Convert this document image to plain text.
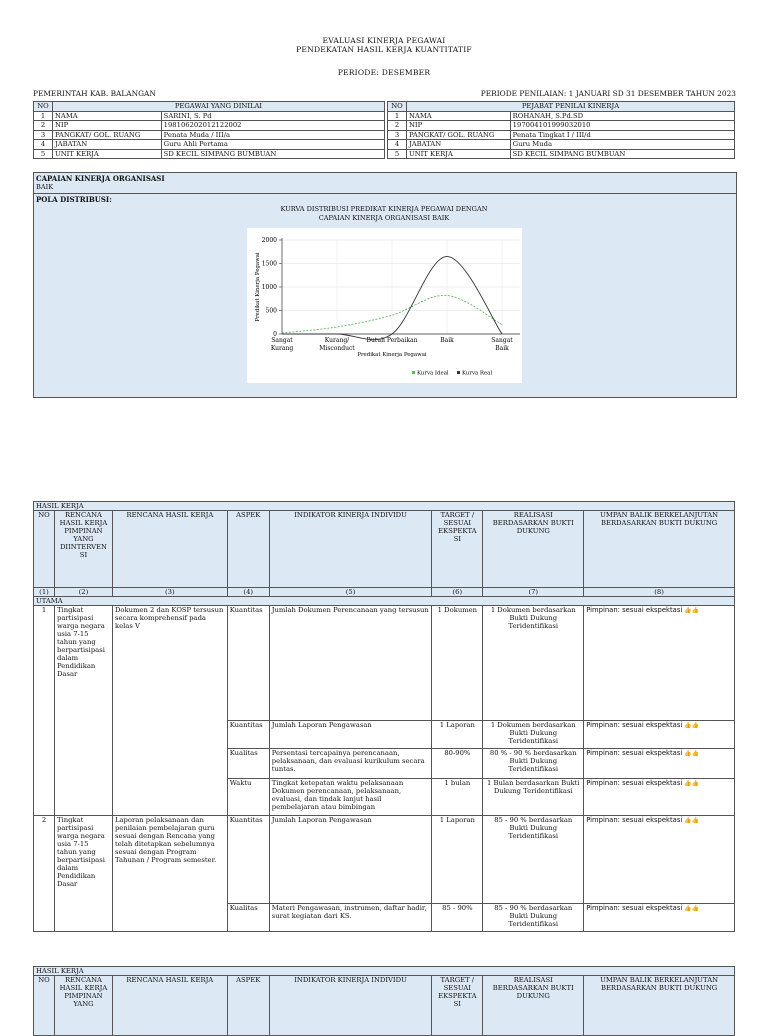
EVALUASI KINERJA PEGAWAI
PENDEKATAN HASIL KERJA KUANTITATIF
PERIODE: DESEMBER
PEMERINTAH KAB. BALANGAN	PERIODE PENILAIAN: 1 JANUARI SD 31 DESEMBER TAHUN 2023
NO	PEGAWAI YANG DINILAI	
1	NAMA	SARINI, S. Pd
2	NIP	198106202012122002
3	PANGKAT/ GOL. RUANG	Penata Muda / III/a
4	JABATAN	Guru Ahli Pertama
5	UNIT KERJA	SD KECIL SIMPANG BUMBUAN
NO	PEJABAT PENILAI KINERJA	
1	NAMA	ROHANAH, S.Pd.SD
2	NIP	197004101999032010
3	PANGKAT/ GOL. RUANG	Penata Tingkat I / III/d
4	JABATAN	Guru Muda
5	UNIT KERJA	SD KECIL SIMPANG BUMBUAN
CAPAIAN KINERJA ORGANISASI
BAIK
POLA DISTRIBUSI:
KURVA DISTRIBUSI PREDIKAT KINERJA PEGAWAI DENGAN
CAPAIAN KINERJA ORGANISASI BAIK
0
500
1000
1500
2000
Sangat
Kurang
Kurang/
Misconduct
Butuh Perbaikan	Baik	Sangat
Baik
Predikat Kinerja Pegawai
Predikat Kinerja Pegawai
Kurva Ideal Kurva Real
HASIL KERJA							
NO	RENCANA HASIL KERJA PIMPINAN YANG DIINTERVEN SI	RENCANA HASIL KERJA	ASPEK	INDIKATOR KINERJA INDIVIDU	TARGET / SESUAI EKSPEKTA SI	REALISASI BERDASARKAN BUKTI DUKUNG	UMPAN BALIK BERKELANJUTAN BERDASARKAN BUKTI DUKUNG
(1)	(2)	(3)	(4)	(5)	(6)	(7)	(8)
UTAMA							
1	Tingkat partisipasi warga negara usia 7-15 tahun yang berpartisipasi dalam Pendidikan Dasar	Dokumen 2 dan KOSP tersusun secara komprehensif pada kelas V	Kuantitas	Jumlah Dokumen Perencanaan yang tersusun	1 Dokumen	1 Dokumen berdasarkan Bukti Dukung Teridentifikasi	Pimpinan: sesuai ekspektasi 👍👍
			Kuantitas	Jumlah Laporan Pengawasan	1 Laporan	1 Dokumen berdasarkan Bukti Dukung Teridentifikasi	Pimpinan: sesuai ekspektasi 👍👍
			Kualitas	Persentasi tercapainya perencanaan, pelaksanaan, dan evaluasi kurikulum secara tuntas.	80-90%	80 % - 90 % berdasarkan Bukti Dukung Teridentifikasi	Pimpinan: sesuai ekspektasi 👍👍
			Waktu	Tingkat ketepatan waktu pelaksanaan Dokumen perencanaan, pelaksanaan, evaluasi, dan tindak lanjut hasil pembelajaran atau bimbingan	1 bulan	1 Bulan berdasarkan Bukti Dukung Teridentifikasi	Pimpinan: sesuai ekspektasi 👍👍
2	Tingkat partisipasi warga negara usia 7-15 tahun yang berpartisipasi dalam Pendidikan Dasar	Laporan pelaksanaan dan penilaian pembelajaran guru sesuai dengan Rencana yang telah ditetapkan sebelumnya sesuai dengan Program Tahunan / Program semester.	Kuantitas	Jumlah Laporan Pengawasan	1 Laporan	85 - 90 % berdasarkan Bukti Dukung Teridentifikasi	Pimpinan: sesuai ekspektasi 👍👍
			Kualitas	Materi Pengawasan, instrumen, daftar hadir, surat kegiatan dari KS.	85 - 90%	85 - 90 % berdasarkan Bukti Dukung Teridentifikasi	Pimpinan: sesuai ekspektasi 👍👍
HASIL KERJA
NO	RENCANA HASIL KERJA PIMPINAN YANG	RENCANA HASIL KERJA	ASPEK	INDIKATOR KINERJA INDIVIDU	TARGET / SESUAI EKSPEKTA SI	REALISASI BERDASARKAN BUKTI DUKUNG	UMPAN BALIK BERKELANJUTAN BERDASARKAN BUKTI DUKUNG
